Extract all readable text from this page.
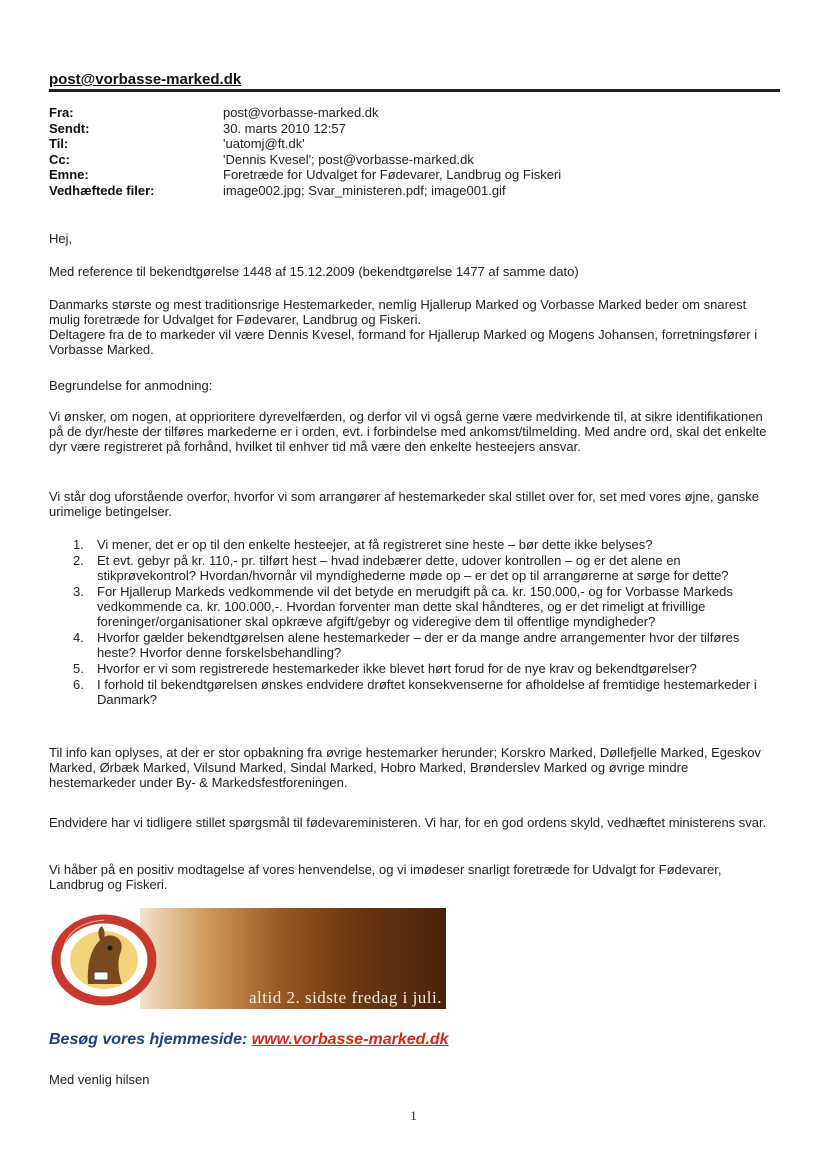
post@vorbasse-marked.dk
Fra:	post@vorbasse-marked.dk
Sendt:	30. marts 2010 12:57
Til:	'uatomj@ft.dk'
Cc:	'Dennis Kvesel'; post@vorbasse-marked.dk
Emne:	Foretræde for Udvalget for Fødevarer, Landbrug og Fiskeri
Vedhæftede filer:	image002.jpg; Svar_ministeren.pdf; image001.gif

Hej,

Med reference til bekendtgørelse 1448 af 15.12.2009 (bekendtgørelse 1477 af samme dato)

Danmarks største og mest traditionsrige Hestemarkeder, nemlig Hjallerup Marked og Vorbasse Marked beder om snarest mulig foretræde for Udvalget for Fødevarer, Landbrug og Fiskeri.

Deltagere fra de to markeder vil være Dennis Kvesel, formand for Hjallerup Marked og Mogens Johansen, forretningsfører i Vorbasse Marked.

Begrundelse for anmodning:

Vi ønsker, om nogen, at opprioritere dyrevelfærden, og derfor vil vi også gerne være medvirkende til, at sikre identifikationen på de dyr/heste der tilføres markederne er i orden, evt. i forbindelse med ankomst/tilmelding. Med andre ord, skal det enkelte dyr være registreret på forhånd, hvilket til enhver tid må være den enkelte hesteejers ansvar.

Vi står dog uforstående overfor, hvorfor vi som arrangører af hestemarkeder skal stillet over for, set med vores øjne, ganske urimelige betingelser.

1. Vi mener, det er op til den enkelte hesteejer, at få registreret sine heste – bør dette ikke belyses?
2. Et evt. gebyr på kr. 110,- pr. tilført hest – hvad indebærer dette, udover kontrollen – og er det alene en stikprøvekontrol? Hvordan/hvornår vil myndighederne møde op – er det op til arrangørerne at sørge for dette?
3. For Hjallerup Markeds vedkommende vil det betyde en merudgift på ca. kr. 150.000,- og for Vorbasse Markeds vedkommende ca. kr. 100.000,-. Hvordan forventer man dette skal håndteres, og er det rimeligt at frivillige foreninger/organisationer skal opkræve afgift/gebyr og videregive dem til offentlige myndigheder?
4. Hvorfor gælder bekendtgørelsen alene hestemarkeder – der er da mange andre arrangementer hvor der tilføres heste? Hvorfor denne forskelsbehandling?
5. Hvorfor er vi som registrerede hestemarkeder ikke blevet hørt forud for de nye krav og bekendtgørelser?
6. I forhold til bekendtgørelsen ønskes endvidere drøftet konsekvenserne for afholdelse af fremtidige hestemarkeder i Danmark?

Til info kan oplyses, at der er stor opbakning fra øvrige hestemarker herunder; Korskro Marked, Døllefjelle Marked, Egeskov Marked, Ørbæk Marked, Vilsund Marked, Sindal Marked, Hobro Marked, Brønderslev Marked og øvrige mindre hestemarkeder under By- & Markedsfestforeningen.

Endvidere har vi tidligere stillet spørgsmål til fødevareministeren. Vi har, for en god ordens skyld, vedhæftet ministerens svar.

Vi håber på en positiv modtagelse af vores henvendelse, og vi imødeser snarligt foretræde for Udvalgt for Fødevarer, Landbrug og Fiskeri.

altid 2. sidste fredag i juli.
Besøg vores hjemmeside: www.vorbasse-marked.dk
Med venlig hilsen
1
